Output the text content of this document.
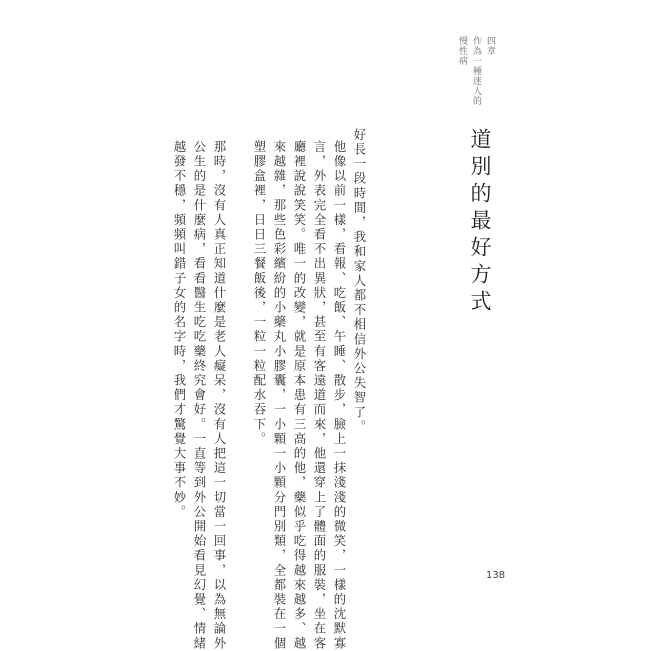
四章
作為一種迷人的
慢性病
道別的最好方式
好長一段時間，我和家人都不相信外公失智了。
他像以前一樣，看報、吃飯、午睡、散步，臉上一抹淺淺的微笑，一樣的沈默寡
言，外表完全看不出異狀，甚至有客遠道而來，他還穿上了體面的服裝，坐在客
廳裡說說笑笑。唯一的改變，就是原本患有三高的他，藥似乎吃得越來越多、越
來越雜，那些色彩繽紛的小藥丸小膠囊，一小顆一小顆分門別類，全都裝在一個
塑膠盒裡，日日三餐飯後，一粒一粒配水吞下。
那時，沒有人真正知道什麼是老人癡呆，沒有人把這一切當一回事，以為無論外
公生的是什麼病，看看醫生吃吃藥終究會好。一直等到外公開始看見幻覺、情緒
越發不穩，頻頻叫錯子女的名字時，我們才驚覺大事不妙。
138
